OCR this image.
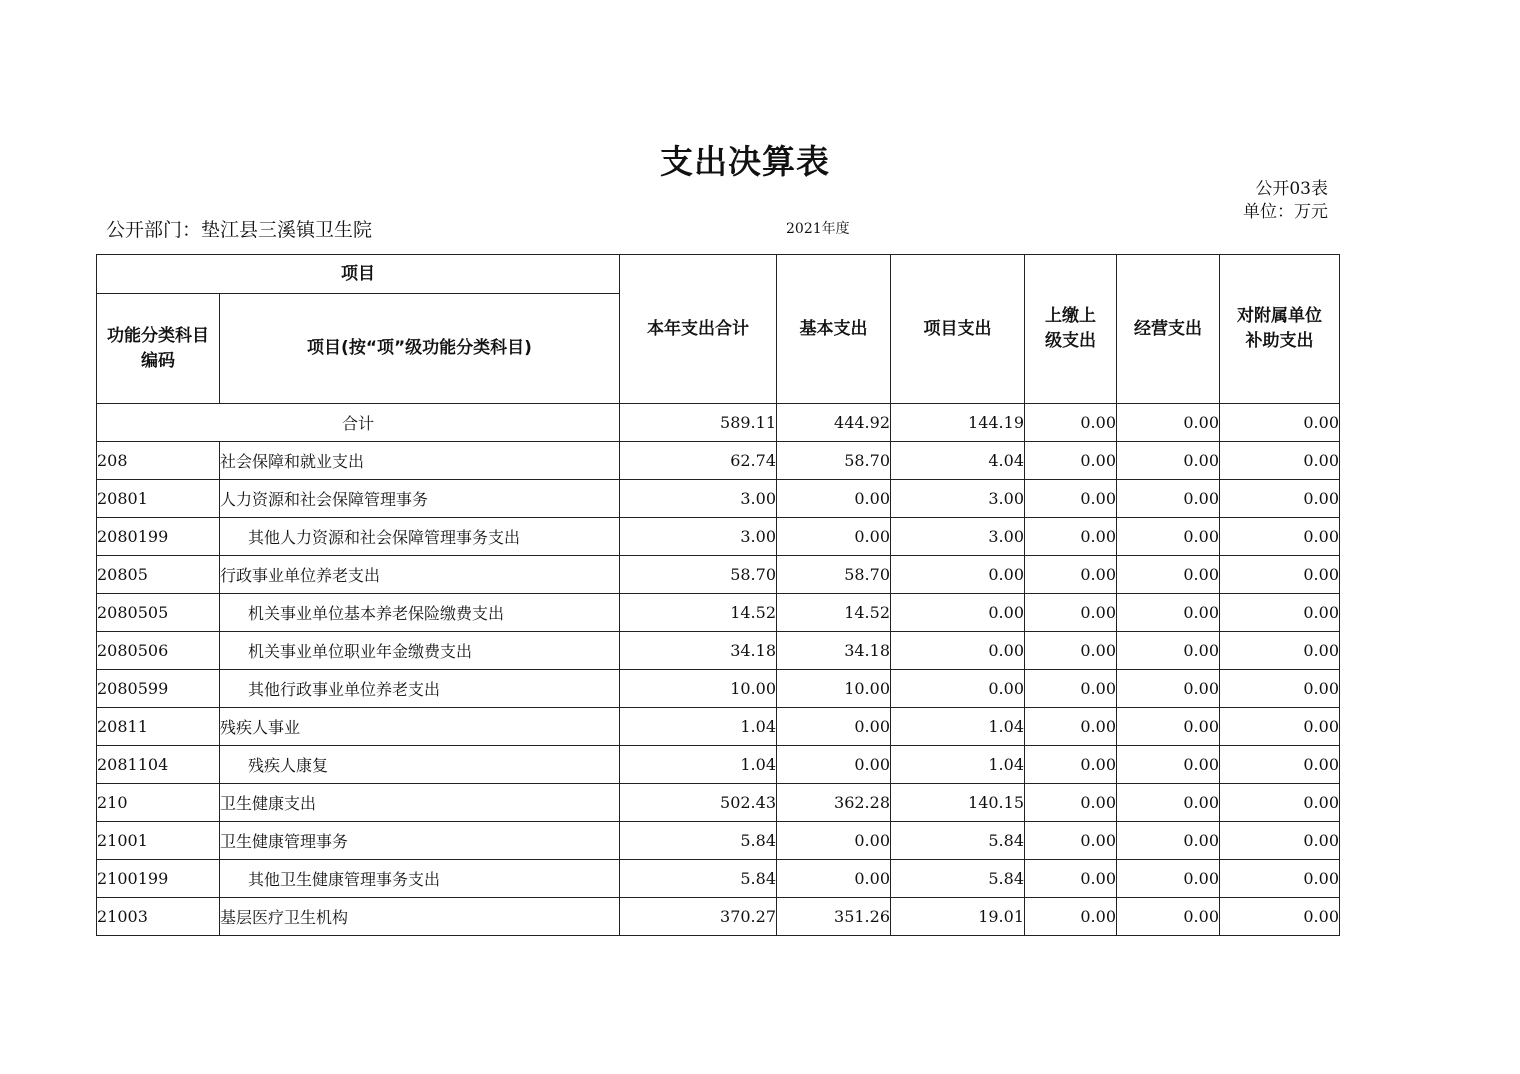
支出决算表
公开03表
单位：万元
公开部门：垫江县三溪镇卫生院	2021年度
项目		本年支出合计	基本支出	项目支出	上缴上级支出	经营支出	对附属单位补助支出
功能分类科目编码	项目(按“项”级功能分类科目)						
合计		589.11	444.92	144.19	0.00	0.00	0.00
208	社会保障和就业支出	62.74	58.70	4.04	0.00	0.00	0.00
20801	人力资源和社会保障管理事务	3.00	0.00	3.00	0.00	0.00	0.00
2080199	其他人力资源和社会保障管理事务支出	3.00	0.00	3.00	0.00	0.00	0.00
20805	行政事业单位养老支出	58.70	58.70	0.00	0.00	0.00	0.00
2080505	机关事业单位基本养老保险缴费支出	14.52	14.52	0.00	0.00	0.00	0.00
2080506	机关事业单位职业年金缴费支出	34.18	34.18	0.00	0.00	0.00	0.00
2080599	其他行政事业单位养老支出	10.00	10.00	0.00	0.00	0.00	0.00
20811	残疾人事业	1.04	0.00	1.04	0.00	0.00	0.00
2081104	残疾人康复	1.04	0.00	1.04	0.00	0.00	0.00
210	卫生健康支出	502.43	362.28	140.15	0.00	0.00	0.00
21001	卫生健康管理事务	5.84	0.00	5.84	0.00	0.00	0.00
2100199	其他卫生健康管理事务支出	5.84	0.00	5.84	0.00	0.00	0.00
21003	基层医疗卫生机构	370.27	351.26	19.01	0.00	0.00	0.00
